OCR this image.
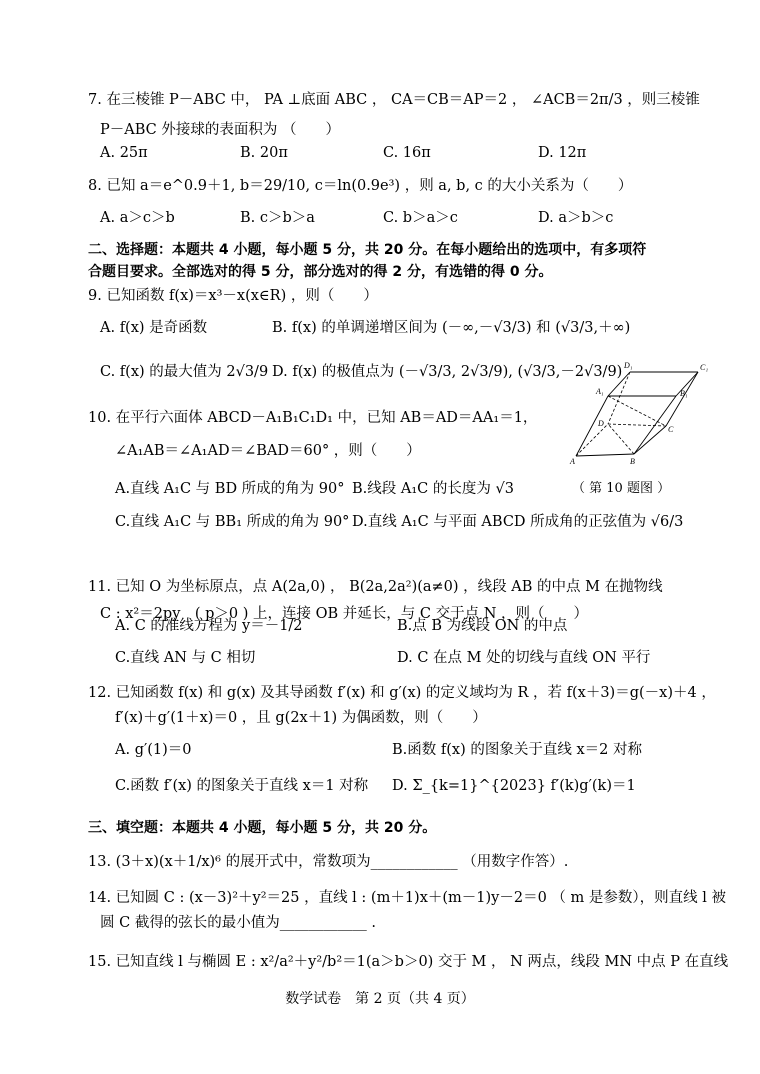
7. 在三棱锥 P－ABC 中， PA ⊥底面 ABC ， CA＝CB＝AP＝2 ， ∠ACB＝2π/3 ，则三棱锥
P－ABC 外接球的表面积为 （　　）
A. 25π	B. 20π	C. 16π	D. 12π
8. 已知 a＝e^0.9＋1, b＝29/10, c＝ln(0.9e³) ，则 a, b, c 的大小关系为（　　）
A. a＞c＞b	B. c＞b＞a	C. b＞a＞c	D. a＞b＞c
二、选择题：本题共 4 小题，每小题 5 分，共 20 分。在每小题给出的选项中，有多项符
合题目要求。全部选对的得 5 分，部分选对的得 2 分，有选错的得 0 分。
9. 已知函数 f(x)＝x³－x(x∈R) ，则（　　）
A. f(x) 是奇函数	B. f(x) 的单调递增区间为 (－∞,－√3/3) 和 (√3/3,＋∞)
C. f(x) 的最大值为 2√3/9 D. f(x) 的极值点为 (－√3/3, 2√3/9), (√3/3,－2√3/9)
10. 在平行六面体 ABCD－A₁B₁C₁D₁ 中，已知 AB＝AD＝AA₁＝1，
∠A₁AB＝∠A₁AD＝∠BAD＝60° ，则（　　）
A.直线 A₁C 与 BD 所成的角为 90° B.线段 A₁C 的长度为 √3
C.直线 A₁C 与 BB₁ 所成的角为 90° D.直线 A₁C 与平面 ABCD 所成角的正弦值为 √6/3
（ 第 10 题图 ）
D₁	C₁
A₁	B₁
D
C
A	B
11. 已知 O 为坐标原点，点 A(2a,0) ， B(2a,2a²)(a≠0) ，线段 AB 的中点 M 在抛物线
C : x²＝2py　( p＞0 ) 上，连接 OB 并延长，与 C 交于点 N ，则（　　）
A. C 的准线方程为 y＝－1/2	B.点 B 为线段 ON 的中点
C.直线 AN 与 C 相切	D. C 在点 M 处的切线与直线 ON 平行
12. 已知函数 f(x) 和 g(x) 及其导函数 f′(x) 和 g′(x) 的定义域均为 R ，若 f(x＋3)＝g(－x)＋4 ，
f′(x)＋g′(1＋x)＝0 ，且 g(2x＋1) 为偶函数，则（　　）
A. g′(1)＝0	B.函数 f(x) 的图象关于直线 x＝2 对称
C.函数 f′(x) 的图象关于直线 x＝1 对称 D. Σ_{k=1}^{2023} f′(k)g′(k)＝1
三、填空题：本题共 4 小题，每小题 5 分，共 20 分。
13. (3＋x)(x＋1/x)⁶ 的展开式中，常数项为____________ （用数字作答）.
14. 已知圆 C : (x－3)²＋y²＝25 ，直线 l : (m＋1)x＋(m－1)y－2＝0 （ m 是参数），则直线 l 被
圆 C 截得的弦长的最小值为____________ .
15. 已知直线 l 与椭圆 E : x²/a²＋y²/b²＝1(a＞b＞0) 交于 M ， N 两点，线段 MN 中点 P 在直线
数学试卷　第 2 页（共 4 页）
